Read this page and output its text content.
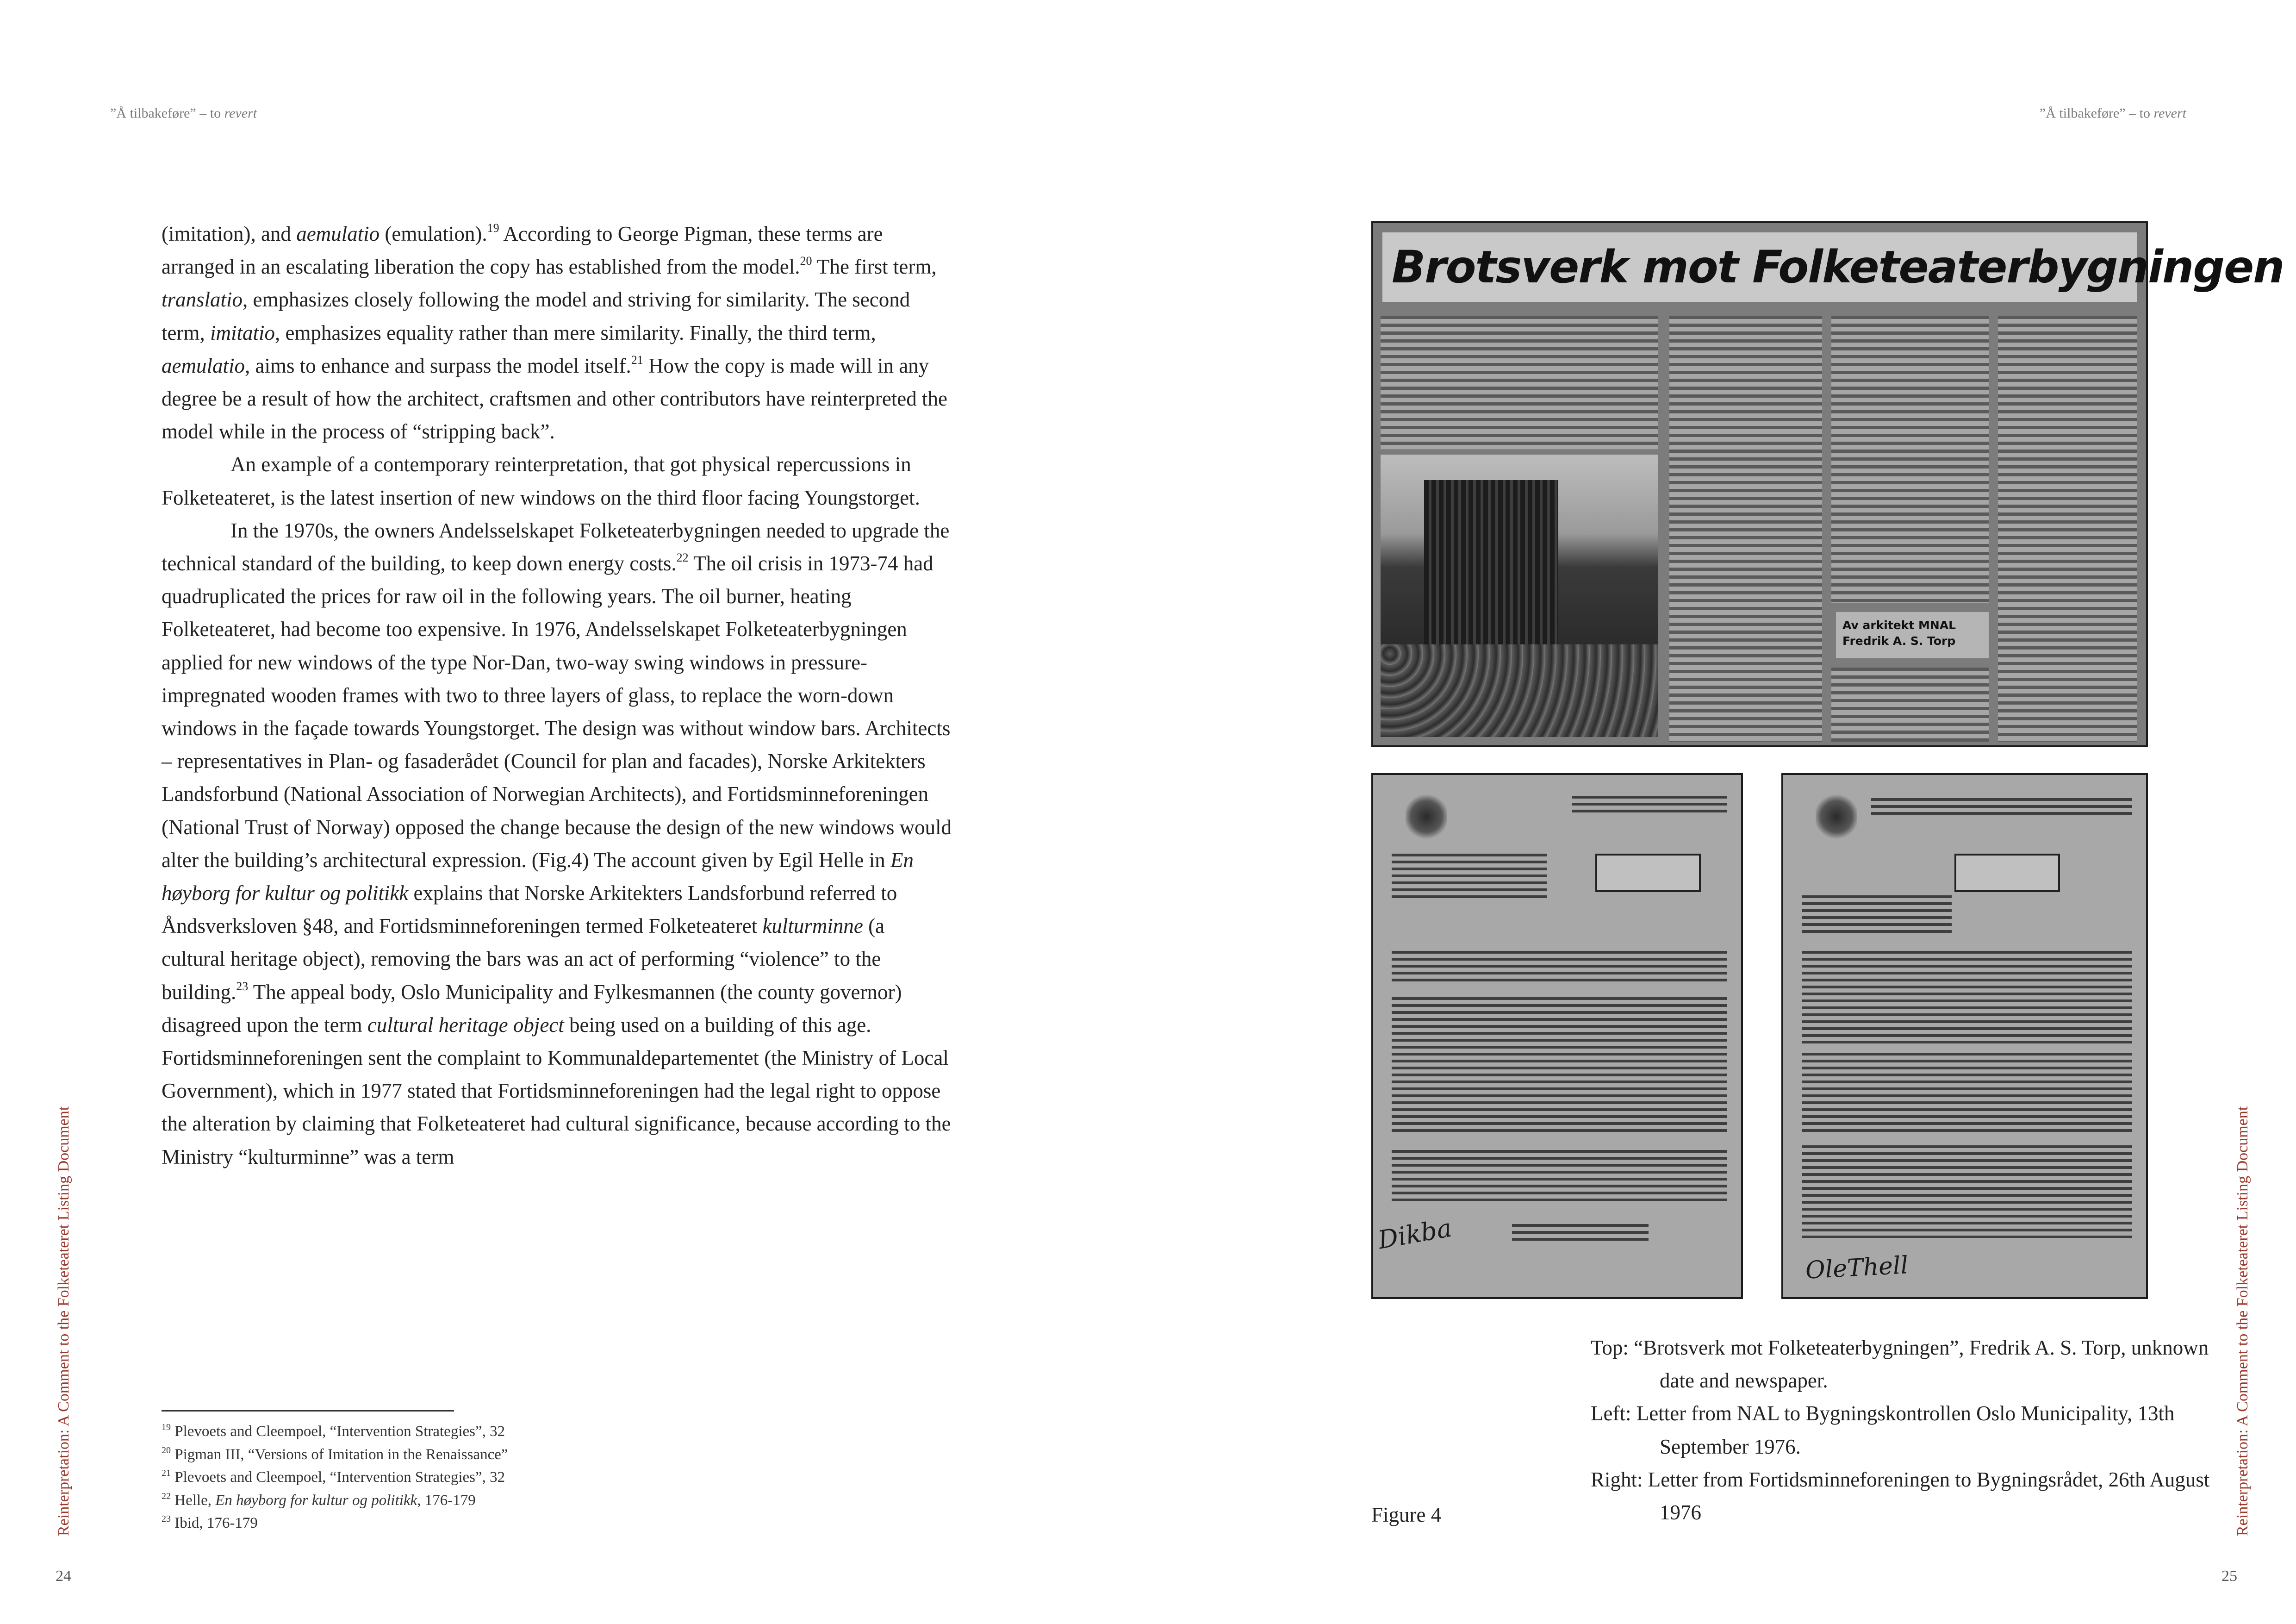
”Å tilbakeføre” – to revert	”Å tilbakeføre” – to revert

(imitation), and aemulatio (emulation).$^{19}$ According to George Pigman, these terms are arranged in an escalating liberation the copy has established from the model.$^{20}$ The first term, translatio, emphasizes closely following the model and striving for similarity. The second term, imitatio, emphasizes equality rather than mere similarity. Finally, the third term, aemulatio, aims to enhance and surpass the model itself.$^{21}$ How the copy is made will in any degree be a result of how the architect, craftsmen and other contributors have reinterpreted the model while in the process of “stripping back”.

An example of a contemporary reinterpretation, that got physical repercussions in Folketeateret, is the latest insertion of new windows on the third floor facing Youngstorget.

In the 1970s, the owners Andelsselskapet Folketeaterbygningen needed to upgrade the technical standard of the building, to keep down energy costs.$^{22}$ The oil crisis in 1973-74 had quadruplicated the prices for raw oil in the following years. The oil burner, heating Folketeateret, had become too expensive. In 1976, Andelsselskapet Folketeaterbygningen applied for new windows of the type Nor-Dan, two-way swing windows in pressure-impregnated wooden frames with two to three layers of glass, to replace the worn-down windows in the façade towards Youngstorget. The design was without window bars. Architects – representatives in Plan- og fasaderådet (Council for plan and facades), Norske Arkitekters Landsforbund (National Association of Norwegian Architects), and Fortidsminneforeningen (National Trust of Norway) opposed the change because the design of the new windows would alter the building’s architectural expression. (Fig.4) The account given by Egil Helle in En høyborg for kultur og politikk explains that Norske Arkitekters Landsforbund referred to Åndsverksloven §48, and Fortidsminneforeningen termed Folketeateret kulturminne (a cultural heritage object), removing the bars was an act of performing “violence” to the building.$^{23}$ The appeal body, Oslo Municipality and Fylkesmannen (the county governor) disagreed upon the term cultural heritage object being used on a building of this age. Fortidsminneforeningen sent the complaint to Kommunaldepartementet (the Ministry of Local Government), which in 1977 stated that Fortidsminneforeningen had the legal right to oppose the alteration by claiming that Folketeateret had cultural significance, because according to the Ministry “kulturminne” was a term

$^{19}$ Plevoets and Cleempoel, “Intervention Strategies”, 32
$^{20}$ Pigman III, “Versions of Imitation in the Renaissance”
$^{21}$ Plevoets and Cleempoel, “Intervention Strategies”, 32
$^{22}$ Helle, En høyborg for kultur og politikk, 176-179
$^{23}$ Ibid, 176-179
Reinterpretation: A Comment to the Folketeateret Listing Document	Reinterpretation: A Comment to the Folketeateret Listing Document
24	25
Brotsverk mot Folketeaterbygningen
Av arkitekt MNAL
Fredrik A. S. Torp
Dikba
OleThell
Figure 4
Top: “Brotsverk mot Folketeaterbygningen”, Fredrik A. S. Torp, unknown date and newspaper.
Left: Letter from NAL to Bygningskontrollen Oslo Municipality, 13th September 1976.
Right: Letter from Fortidsminneforeningen to Bygningsrådet, 26th August 1976
